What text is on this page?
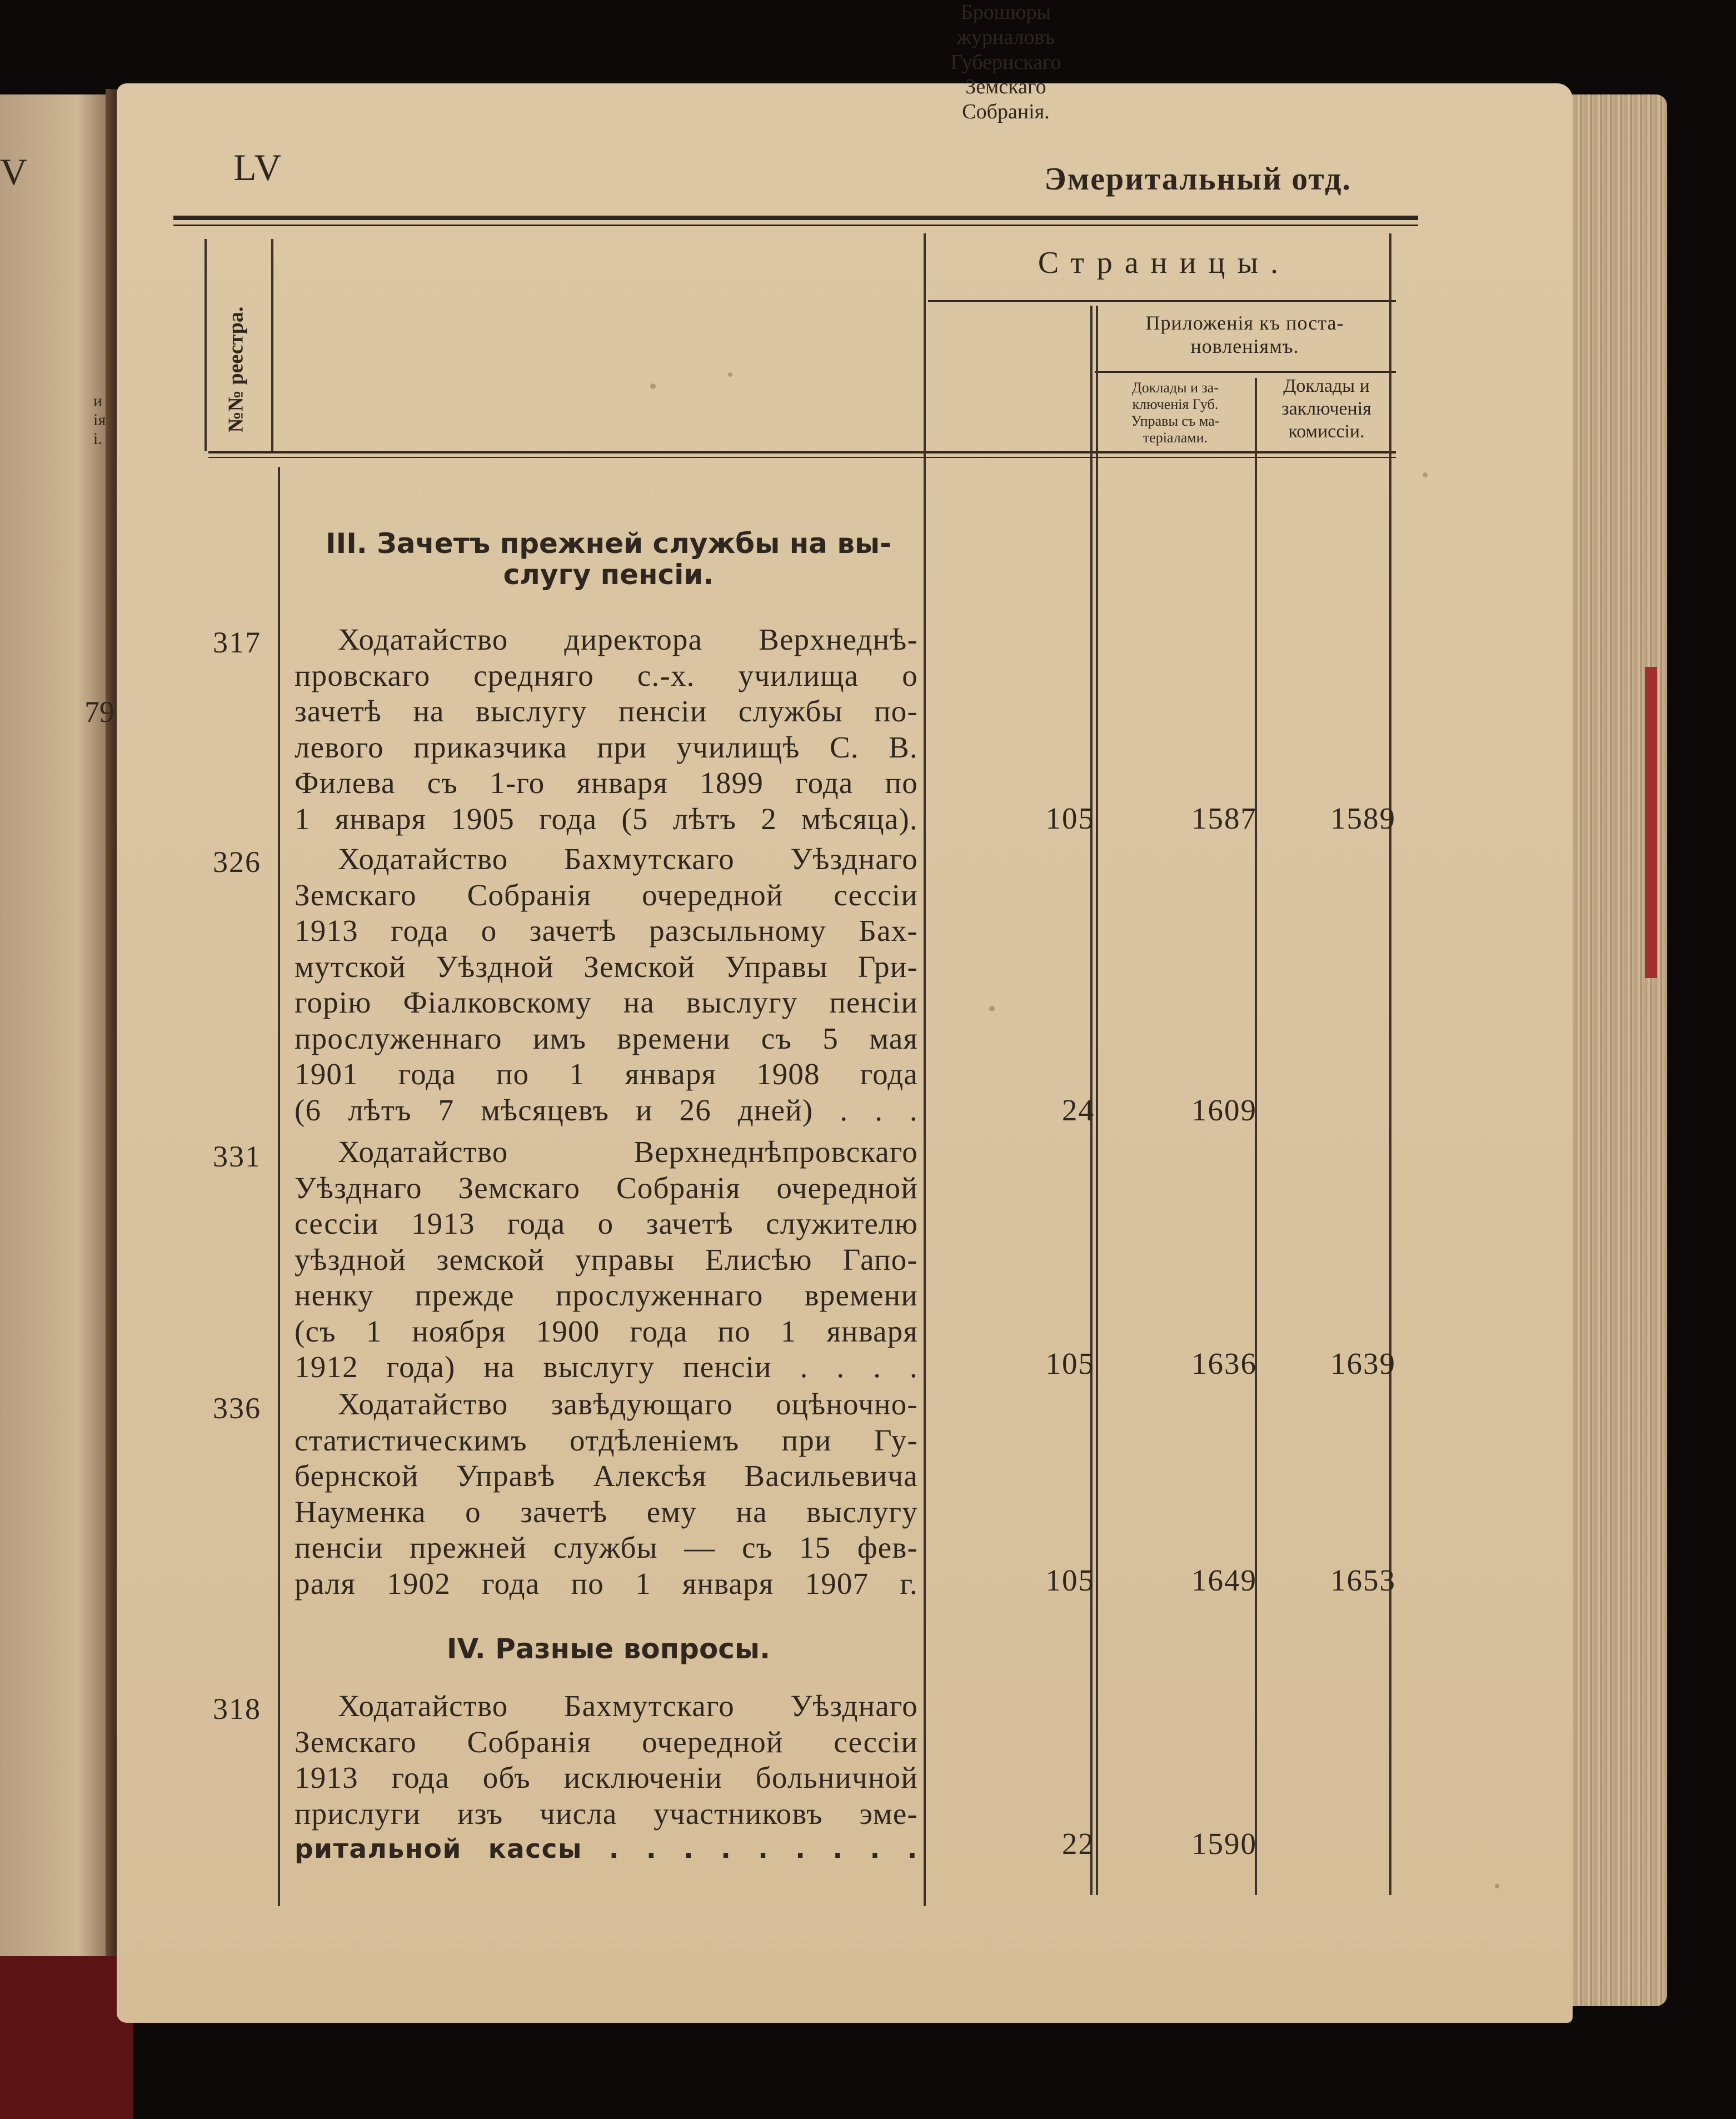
V
и
ія
і.
79
LV	Эмеритальный отд.
№№ реестра.
Страницы.
Брошюры
журналовъ
Губернскаго
Земскаго
Собранія.
Приложенія къ поста-
новленіямъ.
Доклады и за-
ключенія Губ.
Управы съ ма-
теріалами.
Доклады и
заключенія
комиссіи.
III. Зачетъ прежней службы на вы-
слугу пенсіи.
317	Ходатайство директора Верхнеднѣ-
провскаго средняго с.-х. училища о
зачетѣ на выслугу пенсіи службы по-
левого приказчика при училищѣ С. В.
Филева съ 1-го января 1899 года по
1 января 1905 года (5 лѣтъ 2 мѣсяца).	105	1587	1589
326	Ходатайство Бахмутскаго Уѣзднаго
Земскаго Собранія очередной сессіи
1913 года о зачетѣ разсыльному Бах-
мутской Уѣздной Земской Управы Гри-
горію Фіалковскому на выслугу пенсіи
прослуженнаго имъ времени съ 5 мая
1901 года по 1 января 1908 года
(6 лѣтъ 7 мѣсяцевъ и 26 дней) . . .	24	1609
331	Ходатайство Верхнеднѣпровскаго
Уѣзднаго Земскаго Собранія очередной
сессіи 1913 года о зачетѣ служителю
уѣздной земской управы Елисѣю Гапо-
ненку прежде прослуженнаго времени
(съ 1 ноября 1900 года по 1 января
1912 года) на выслугу пенсіи . . . .	105	1636	1639
336	Ходатайство завѣдующаго оцѣночно-
статистическимъ отдѣленіемъ при Гу-
бернской Управѣ Алексѣя Васильевича
Науменка о зачетѣ ему на выслугу
пенсіи прежней службы — съ 15 фев-
раля 1902 года по 1 января 1907 г.	105	1649	1653
IV. Разные вопросы.
318	Ходатайство Бахмутскаго Уѣзднаго
Земскаго Собранія очередной сессіи
1913 года объ исключеніи больничной
прислуги изъ числа участниковъ эме-
ритальной кассы . . . . . . . . .	22	1590
